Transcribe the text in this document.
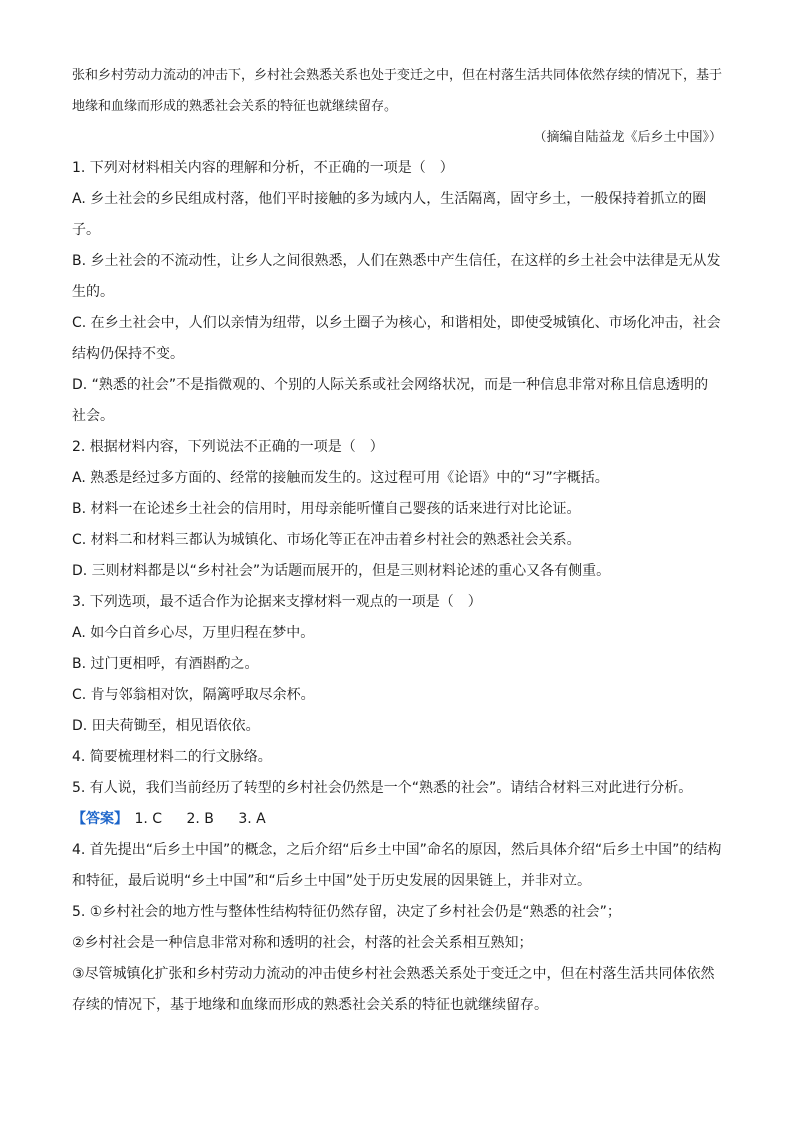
张和乡村劳动力流动的冲击下，乡村社会熟悉关系也处于变迁之中，但在村落生活共同体依然存续的情况下，基于地缘和血缘而形成的熟悉社会关系的特征也就继续留存。

（摘编自陆益龙《后乡土中国》）

1. 下列对材料相关内容的理解和分析，不正确的一项是（　）

A. 乡土社会的乡民组成村落，他们平时接触的多为域内人，生活隔离，固守乡土，一般保持着抓立的圈子。

B. 乡土社会的不流动性，让乡人之间很熟悉，人们在熟悉中产生信任，在这样的乡土社会中法律是无从发生的。

C. 在乡土社会中，人们以亲情为纽带，以乡土圈子为核心，和谐相处，即使受城镇化、市场化冲击，社会结构仍保持不变。

D. “熟悉的社会”不是指微观的、个别的人际关系或社会网络状况，而是一种信息非常对称且信息透明的社会。

2. 根据材料内容，下列说法不正确的一项是（　）

A. 熟悉是经过多方面的、经常的接触而发生的。这过程可用《论语》中的“习”字概括。

B. 材料一在论述乡土社会的信用时，用母亲能听懂自己婴孩的话来进行对比论证。

C. 材料二和材料三都认为城镇化、市场化等正在冲击着乡村社会的熟悉社会关系。

D. 三则材料都是以“乡村社会”为话题而展开的，但是三则材料论述的重心又各有侧重。

3. 下列选项，最不适合作为论据来支撑材料一观点的一项是（　）

A. 如今白首乡心尽，万里归程在梦中。

B. 过门更相呼，有酒斟酌之。

C. 肯与邻翁相对饮，隔篱呼取尽余杯。

D. 田夫荷锄至，相见语依依。

4. 简要梳理材料二的行文脉络。

5. 有人说，我们当前经历了转型的乡村社会仍然是一个“熟悉的社会”。请结合材料三对此进行分析。

【答案】 1. C 2. B 3. A

4. 首先提出“后乡土中国”的概念，之后介绍“后乡土中国”命名的原因，然后具体介绍“后乡土中国”的结构和特征，最后说明“乡土中国”和“后乡土中国”处于历史发展的因果链上，并非对立。

5. ①乡村社会的地方性与整体性结构特征仍然存留，决定了乡村社会仍是“熟悉的社会”；

②乡村社会是一种信息非常对称和透明的社会，村落的社会关系相互熟知；

③尽管城镇化扩张和乡村劳动力流动的冲击使乡村社会熟悉关系处于变迁之中，但在村落生活共同体依然存续的情况下，基于地缘和血缘而形成的熟悉社会关系的特征也就继续留存。
